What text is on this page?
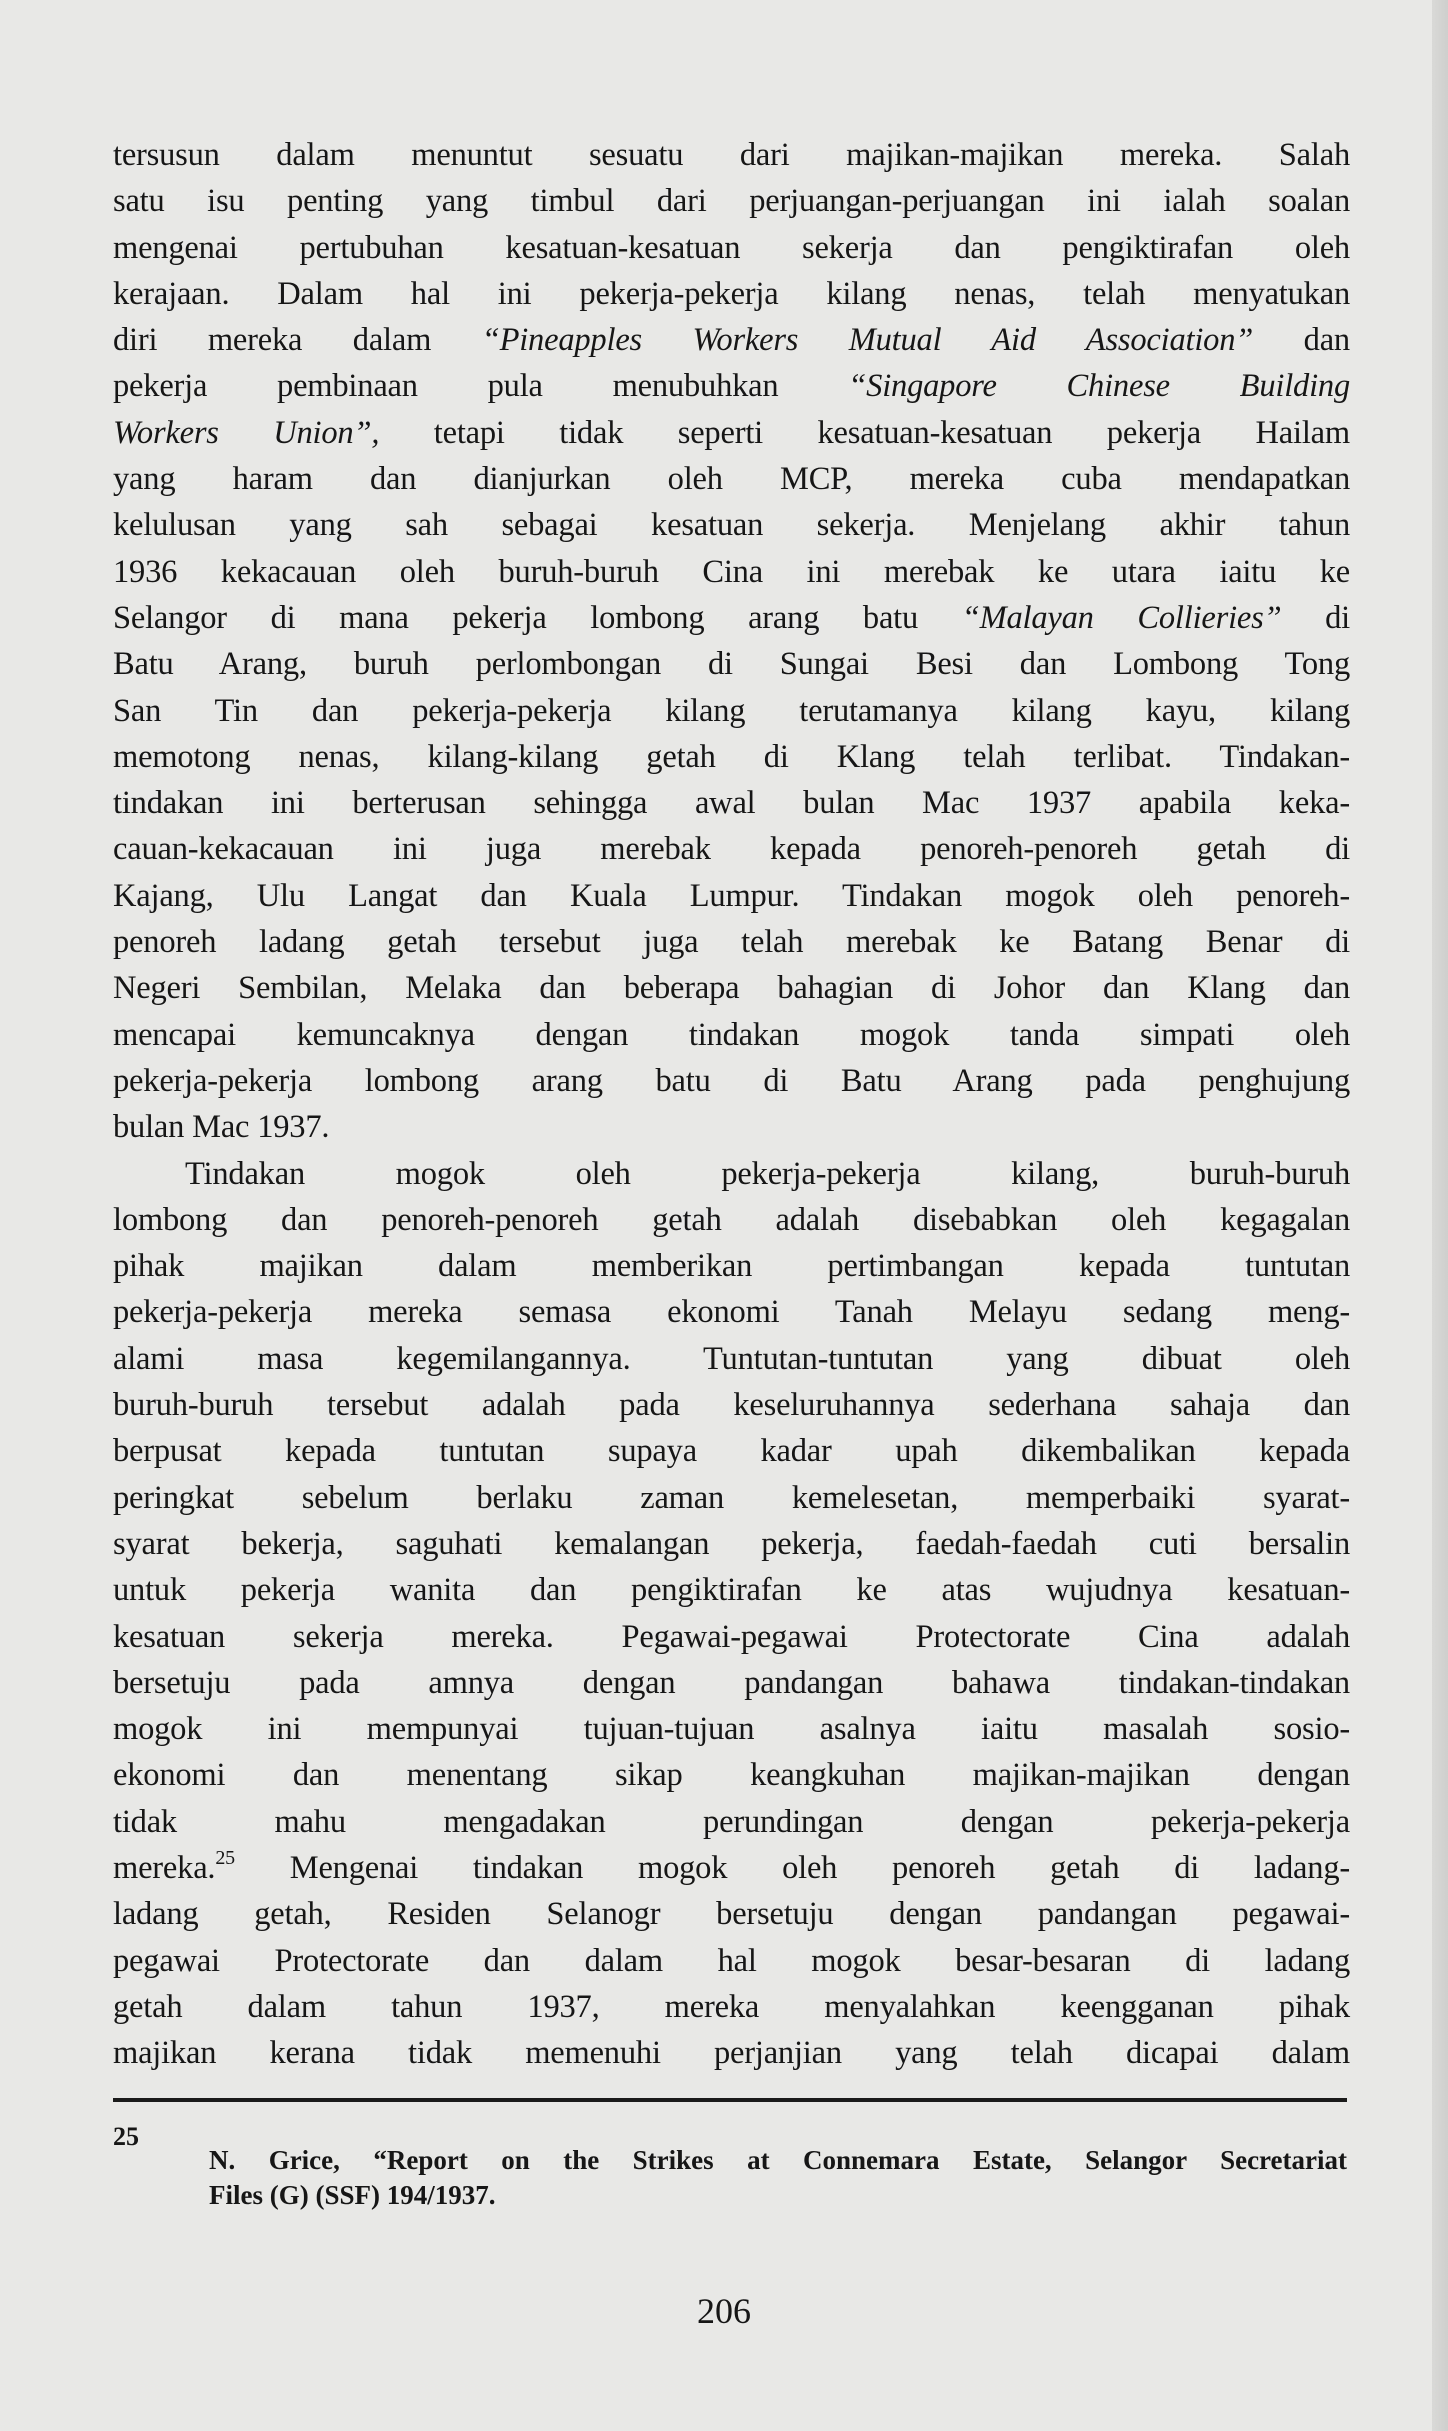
tersusun dalam menuntut sesuatu dari majikan-majikan mereka. Salah
satu isu penting yang timbul dari perjuangan-perjuangan ini ialah soalan
mengenai pertubuhan kesatuan-kesatuan sekerja dan pengiktirafan oleh
kerajaan. Dalam hal ini pekerja-pekerja kilang nenas, telah menyatukan
diri mereka dalam “Pineapples Workers Mutual Aid Association” dan
pekerja pembinaan pula menubuhkan “Singapore Chinese Building
Workers Union”, tetapi tidak seperti kesatuan-kesatuan pekerja Hailam
yang haram dan dianjurkan oleh MCP, mereka cuba mendapatkan
kelulusan yang sah sebagai kesatuan sekerja. Menjelang akhir tahun
1936 kekacauan oleh buruh-buruh Cina ini merebak ke utara iaitu ke
Selangor di mana pekerja lombong arang batu “Malayan Collieries” di
Batu Arang, buruh perlombongan di Sungai Besi dan Lombong Tong
San Tin dan pekerja-pekerja kilang terutamanya kilang kayu, kilang
memotong nenas, kilang-kilang getah di Klang telah terlibat. Tindakan-
tindakan ini berterusan sehingga awal bulan Mac 1937 apabila keka-
cauan-kekacauan ini juga merebak kepada penoreh-penoreh getah di
Kajang, Ulu Langat dan Kuala Lumpur. Tindakan mogok oleh penoreh-
penoreh ladang getah tersebut juga telah merebak ke Batang Benar di
Negeri Sembilan, Melaka dan beberapa bahagian di Johor dan Klang dan
mencapai kemuncaknya dengan tindakan mogok tanda simpati oleh
pekerja-pekerja lombong arang batu di Batu Arang pada penghujung
bulan Mac 1937.
Tindakan mogok oleh pekerja-pekerja kilang, buruh-buruh
lombong dan penoreh-penoreh getah adalah disebabkan oleh kegagalan
pihak majikan dalam memberikan pertimbangan kepada tuntutan
pekerja-pekerja mereka semasa ekonomi Tanah Melayu sedang meng-
alami masa kegemilangannya. Tuntutan-tuntutan yang dibuat oleh
buruh-buruh tersebut adalah pada keseluruhannya sederhana sahaja dan
berpusat kepada tuntutan supaya kadar upah dikembalikan kepada
peringkat sebelum berlaku zaman kemelesetan, memperbaiki syarat-
syarat bekerja, saguhati kemalangan pekerja, faedah-faedah cuti bersalin
untuk pekerja wanita dan pengiktirafan ke atas wujudnya kesatuan-
kesatuan sekerja mereka. Pegawai-pegawai Protectorate Cina adalah
bersetuju pada amnya dengan pandangan bahawa tindakan-tindakan
mogok ini mempunyai tujuan-tujuan asalnya iaitu masalah sosio-
ekonomi dan menentang sikap keangkuhan majikan-majikan dengan
tidak mahu mengadakan perundingan dengan pekerja-pekerja
mereka.$^{25}$ Mengenai tindakan mogok oleh penoreh getah di ladang-
ladang getah, Residen Selanogr bersetuju dengan pandangan pegawai-
pegawai Protectorate dan dalam hal mogok besar-besaran di ladang
getah dalam tahun 1937, mereka menyalahkan keengganan pihak
majikan kerana tidak memenuhi perjanjian yang telah dicapai dalam
25
N. Grice, “Report on the Strikes at Connemara Estate, Selangor Secretariat
Files (G) (SSF) 194/1937.
206
